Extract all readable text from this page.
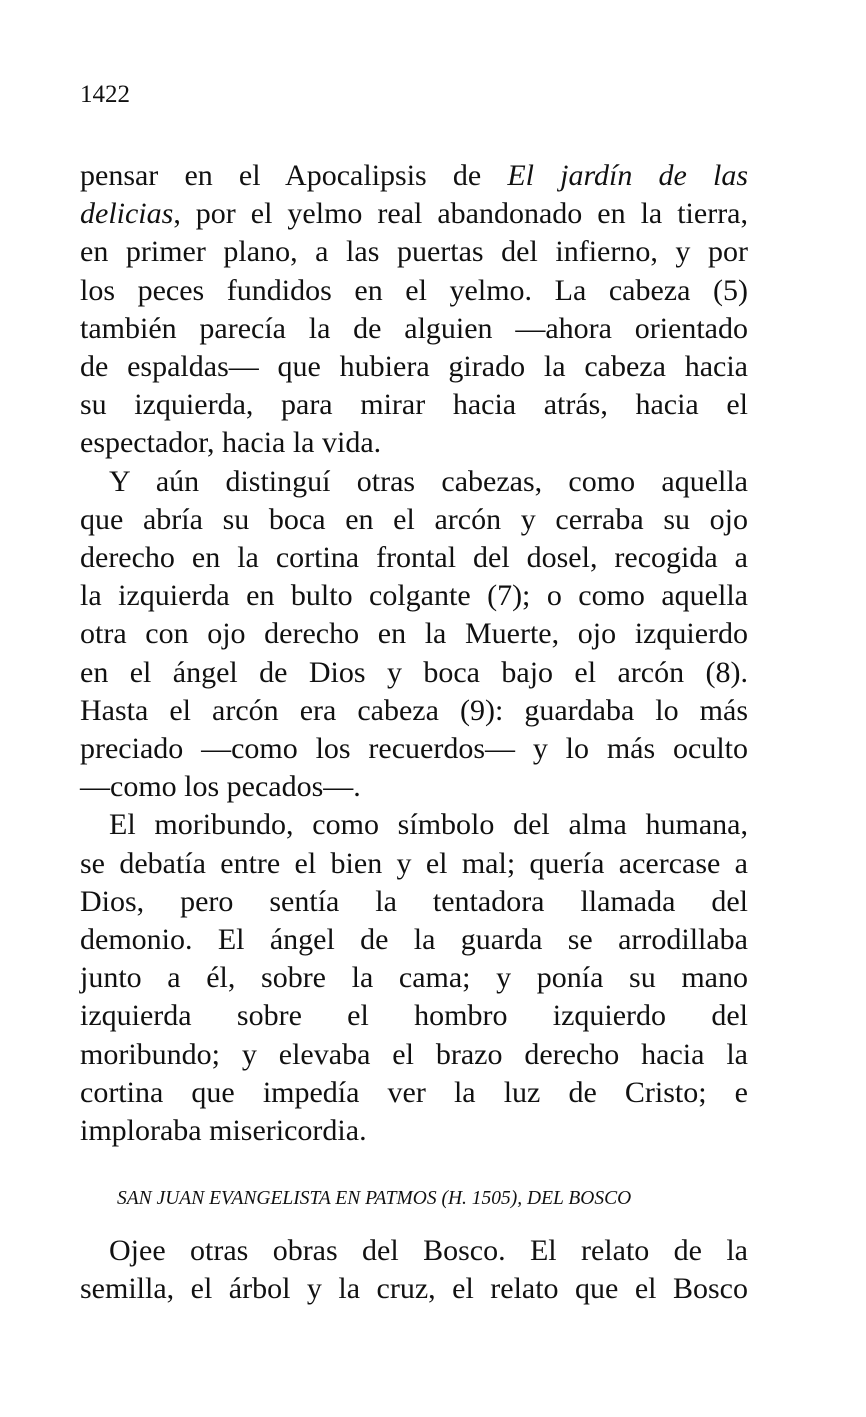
1422

pensar en el Apocalipsis de El jardín de las
delicias, por el yelmo real abandonado en la tierra,
en primer plano, a las puertas del infierno, y por
los peces fundidos en el yelmo. La cabeza (5)
también parecía la de alguien —ahora orientado
de espaldas— que hubiera girado la cabeza hacia
su izquierda, para mirar hacia atrás, hacia el
espectador, hacia la vida.
Y aún distinguí otras cabezas, como aquella
que abría su boca en el arcón y cerraba su ojo
derecho en la cortina frontal del dosel, recogida a
la izquierda en bulto colgante (7); o como aquella
otra con ojo derecho en la Muerte, ojo izquierdo
en el ángel de Dios y boca bajo el arcón (8).
Hasta el arcón era cabeza (9): guardaba lo más
preciado —como los recuerdos— y lo más oculto
—como los pecados—.
El moribundo, como símbolo del alma humana,
se debatía entre el bien y el mal; quería acercase a
Dios, pero sentía la tentadora llamada del
demonio. El ángel de la guarda se arrodillaba
junto a él, sobre la cama; y ponía su mano
izquierda sobre el hombro izquierdo del
moribundo; y elevaba el brazo derecho hacia la
cortina que impedía ver la luz de Cristo; e
imploraba misericordia.

SAN JUAN EVANGELISTA EN PATMOS (H. 1505), DEL BOSCO

Ojee otras obras del Bosco. El relato de la
semilla, el árbol y la cruz, el relato que el Bosco
